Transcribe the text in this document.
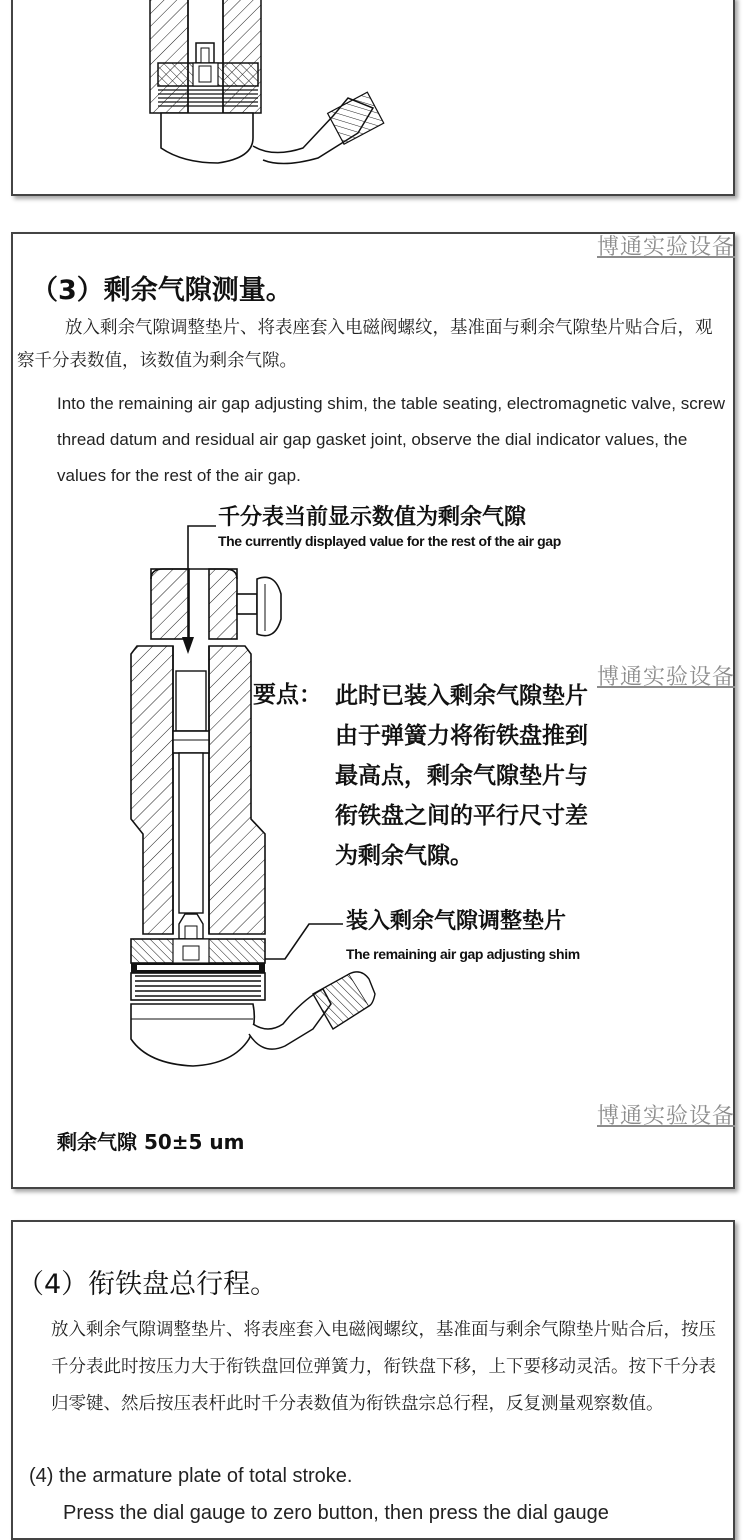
博通实验设备
（3）剩余气隙测量。
放入剩余气隙调整垫片、将表座套入电磁阀螺纹，基准面与剩余气隙垫片贴合后，观察千分表数值，该数值为剩余气隙。
Into the remaining air gap adjusting shim, the table seating, electromagnetic valve, screw thread datum and residual air gap gasket joint, observe the dial indicator values, the values for the rest of the air gap.
千分表当前显示数值为剩余气隙
The currently displayed value for the rest of the air gap
博通实验设备
要点： 此时已装入剩余气隙垫片
由于弹簧力将衔铁盘推到
最高点，剩余气隙垫片与
衔铁盘之间的平行尺寸差
为剩余气隙。
装入剩余气隙调整垫片
The remaining air gap adjusting shim
博通实验设备
剩余气隙 50±5 um
（4）衔铁盘总行程。
放入剩余气隙调整垫片、将表座套入电磁阀螺纹，基准面与剩余气隙垫片贴合后，按压千分表此时按压力大于衔铁盘回位弹簧力，衔铁盘下移，上下要移动灵活。按下千分表归零键、然后按压表杆此时千分表数值为衔铁盘宗总行程，反复测量观察数值。
(4) the armature plate of total stroke.
Press the dial gauge to zero button, then press the dial gauge
